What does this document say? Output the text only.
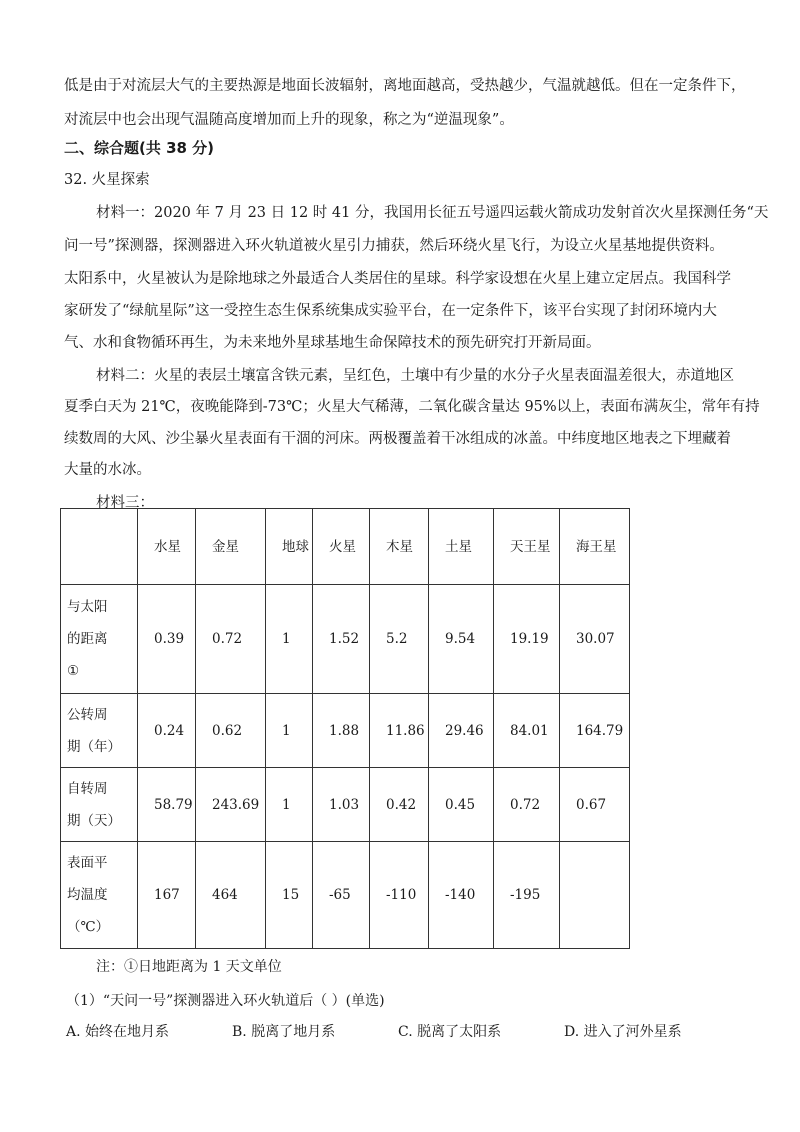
低是由于对流层大气的主要热源是地面长波辐射，离地面越高，受热越少，气温就越低。但在一定条件下，
对流层中也会出现气温随高度增加而上升的现象，称之为“逆温现象”。
二、综合题(共 38 分)
32. 火星探索
材料一：2020 年 7 月 23 日 12 时 41 分，我国用长征五号遥四运载火箭成功发射首次火星探测任务“天
问一号”探测器，探测器进入环火轨道被火星引力捕获，然后环绕火星飞行，为设立火星基地提供资料。
太阳系中，火星被认为是除地球之外最适合人类居住的星球。科学家设想在火星上建立定居点。我国科学
家研发了“绿航星际”这一受控生态生保系统集成实验平台，在一定条件下，该平台实现了封闭环境内大
气、水和食物循环再生，为未来地外星球基地生命保障技术的预先研究打开新局面。
材料二：火星的表层土壤富含铁元素，呈红色，土壤中有少量的水分子火星表面温差很大，赤道地区
夏季白天为 21℃，夜晚能降到-73℃；火星大气稀薄，二氧化碳含量达 95%以上，表面布满灰尘，常年有持
续数周的大风、沙尘暴火星表面有干涸的河床。两极覆盖着干冰组成的冰盖。中纬度地区地表之下埋藏着
大量的水冰。
材料三：
	水星	金星	地球	火星	木星	土星	天王星	海王星

与太阳
的距离
①	0.39	0.72	1	1.52	5.2	9.54	19.19	30.07

公转周
期（年）	0.24	0.62	1	1.88	11.86	29.46	84.01	164.79

自转周
期（天）	58.79	243.69	1	1.03	0.42	0.45	0.72	0.67

表面平
均温度
（℃）	167	464	15	-65	-110	-140	-195	
注：①日地距离为 1 天文单位
（1）“天问一号”探测器进入环火轨道后（ ）(单选)
A. 始终在地月系	B. 脱离了地月系	C. 脱离了太阳系	D. 进入了河外星系
